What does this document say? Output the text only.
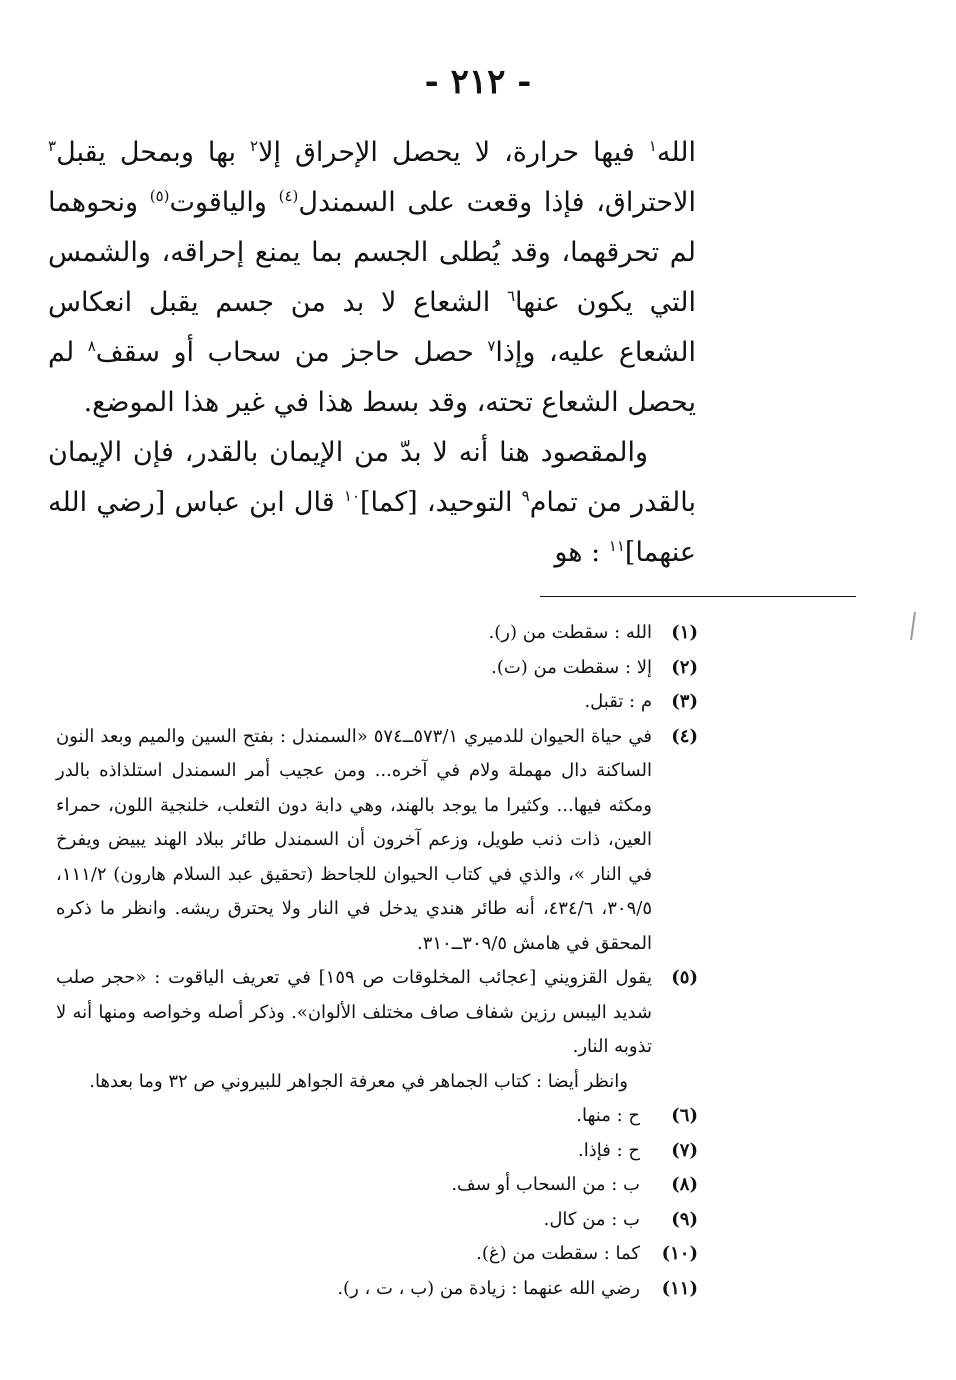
- ٢١٢ -

الله$^١$ فيها حرارة، لا يحصل الإحراق إلا$^٢$ بها وبمحل يقبل$^٣$ الاحتراق، فإذا وقعت على السمندل$^{(٤)}$ والياقوت$^{(٥)}$ ونحوهما لم تحرقهما، وقد يُطلى الجسم بما يمنع إحراقه، والشمس التي يكون عنها$^٦$ الشعاع لا بد من جسم يقبل انعكاس الشعاع عليه، وإذا$^٧$ حصل حاجز من سحاب أو سقف$^٨$ لم يحصل الشعاع تحته، وقد بسط هذا في غير هذا الموضع.

والمقصود هنا أنه لا بدّ من الإيمان بالقدر، فإن الإيمان بالقدر من تمام$^٩$ التوحيد، [كما]$^{١٠}$ قال ابن عباس [رضي الله عنهما]$^{١١}$ : هو

(١)
الله : سقطت من (ر).
(٢)
إلا : سقطت من (ت).
(٣)
م : تقبل.
(٤)
في حياة الحيوان للدميري ٥٧٣/١ــ٥٧٤ «السمندل : بفتح السين والميم وبعد النون الساكنة دال مهملة ولام في آخره... ومن عجيب أمر السمندل استلذاذه بالدر ومكثه فيها... وكثيرا ما يوجد بالهند، وهي دابة دون الثعلب، خلنجية اللون، حمراء العين، ذات ذنب طويل، وزعم آخرون أن السمندل طائر ببلاد الهند يبيض ويفرخ في النار »، والذي في كتاب الحيوان للجاحظ (تحقيق عبد السلام هارون) ١١١/٢، ٣٠٩/٥، ٤٣٤/٦، أنه طائر هندي يدخل في النار ولا يحترق ريشه. وانظر ما ذكره المحقق في هامش ٣٠٩/٥ــ٣١٠.
(٥)
يقول القزويني [عجائب المخلوقات ص ١٥٩] في تعريف الياقوت : «حجر صلب شديد اليبس رزين شفاف صاف مختلف الألوان». وذكر أصله وخواصه ومنها أنه لا تذوبه النار.
وانظر أيضا : كتاب الجماهر في معرفة الجواهر للبيروني ص ٣٢ وما بعدها.
(٦)
ح : منها.
(٧)
ح : فإذا.
(٨)
ب : من السحاب أو سف.
(٩)
ب : من كال.
(١٠)
كما : سقطت من (غ).
(١١)
رضي الله عنهما : زيادة من (ب ، ت ، ر).
